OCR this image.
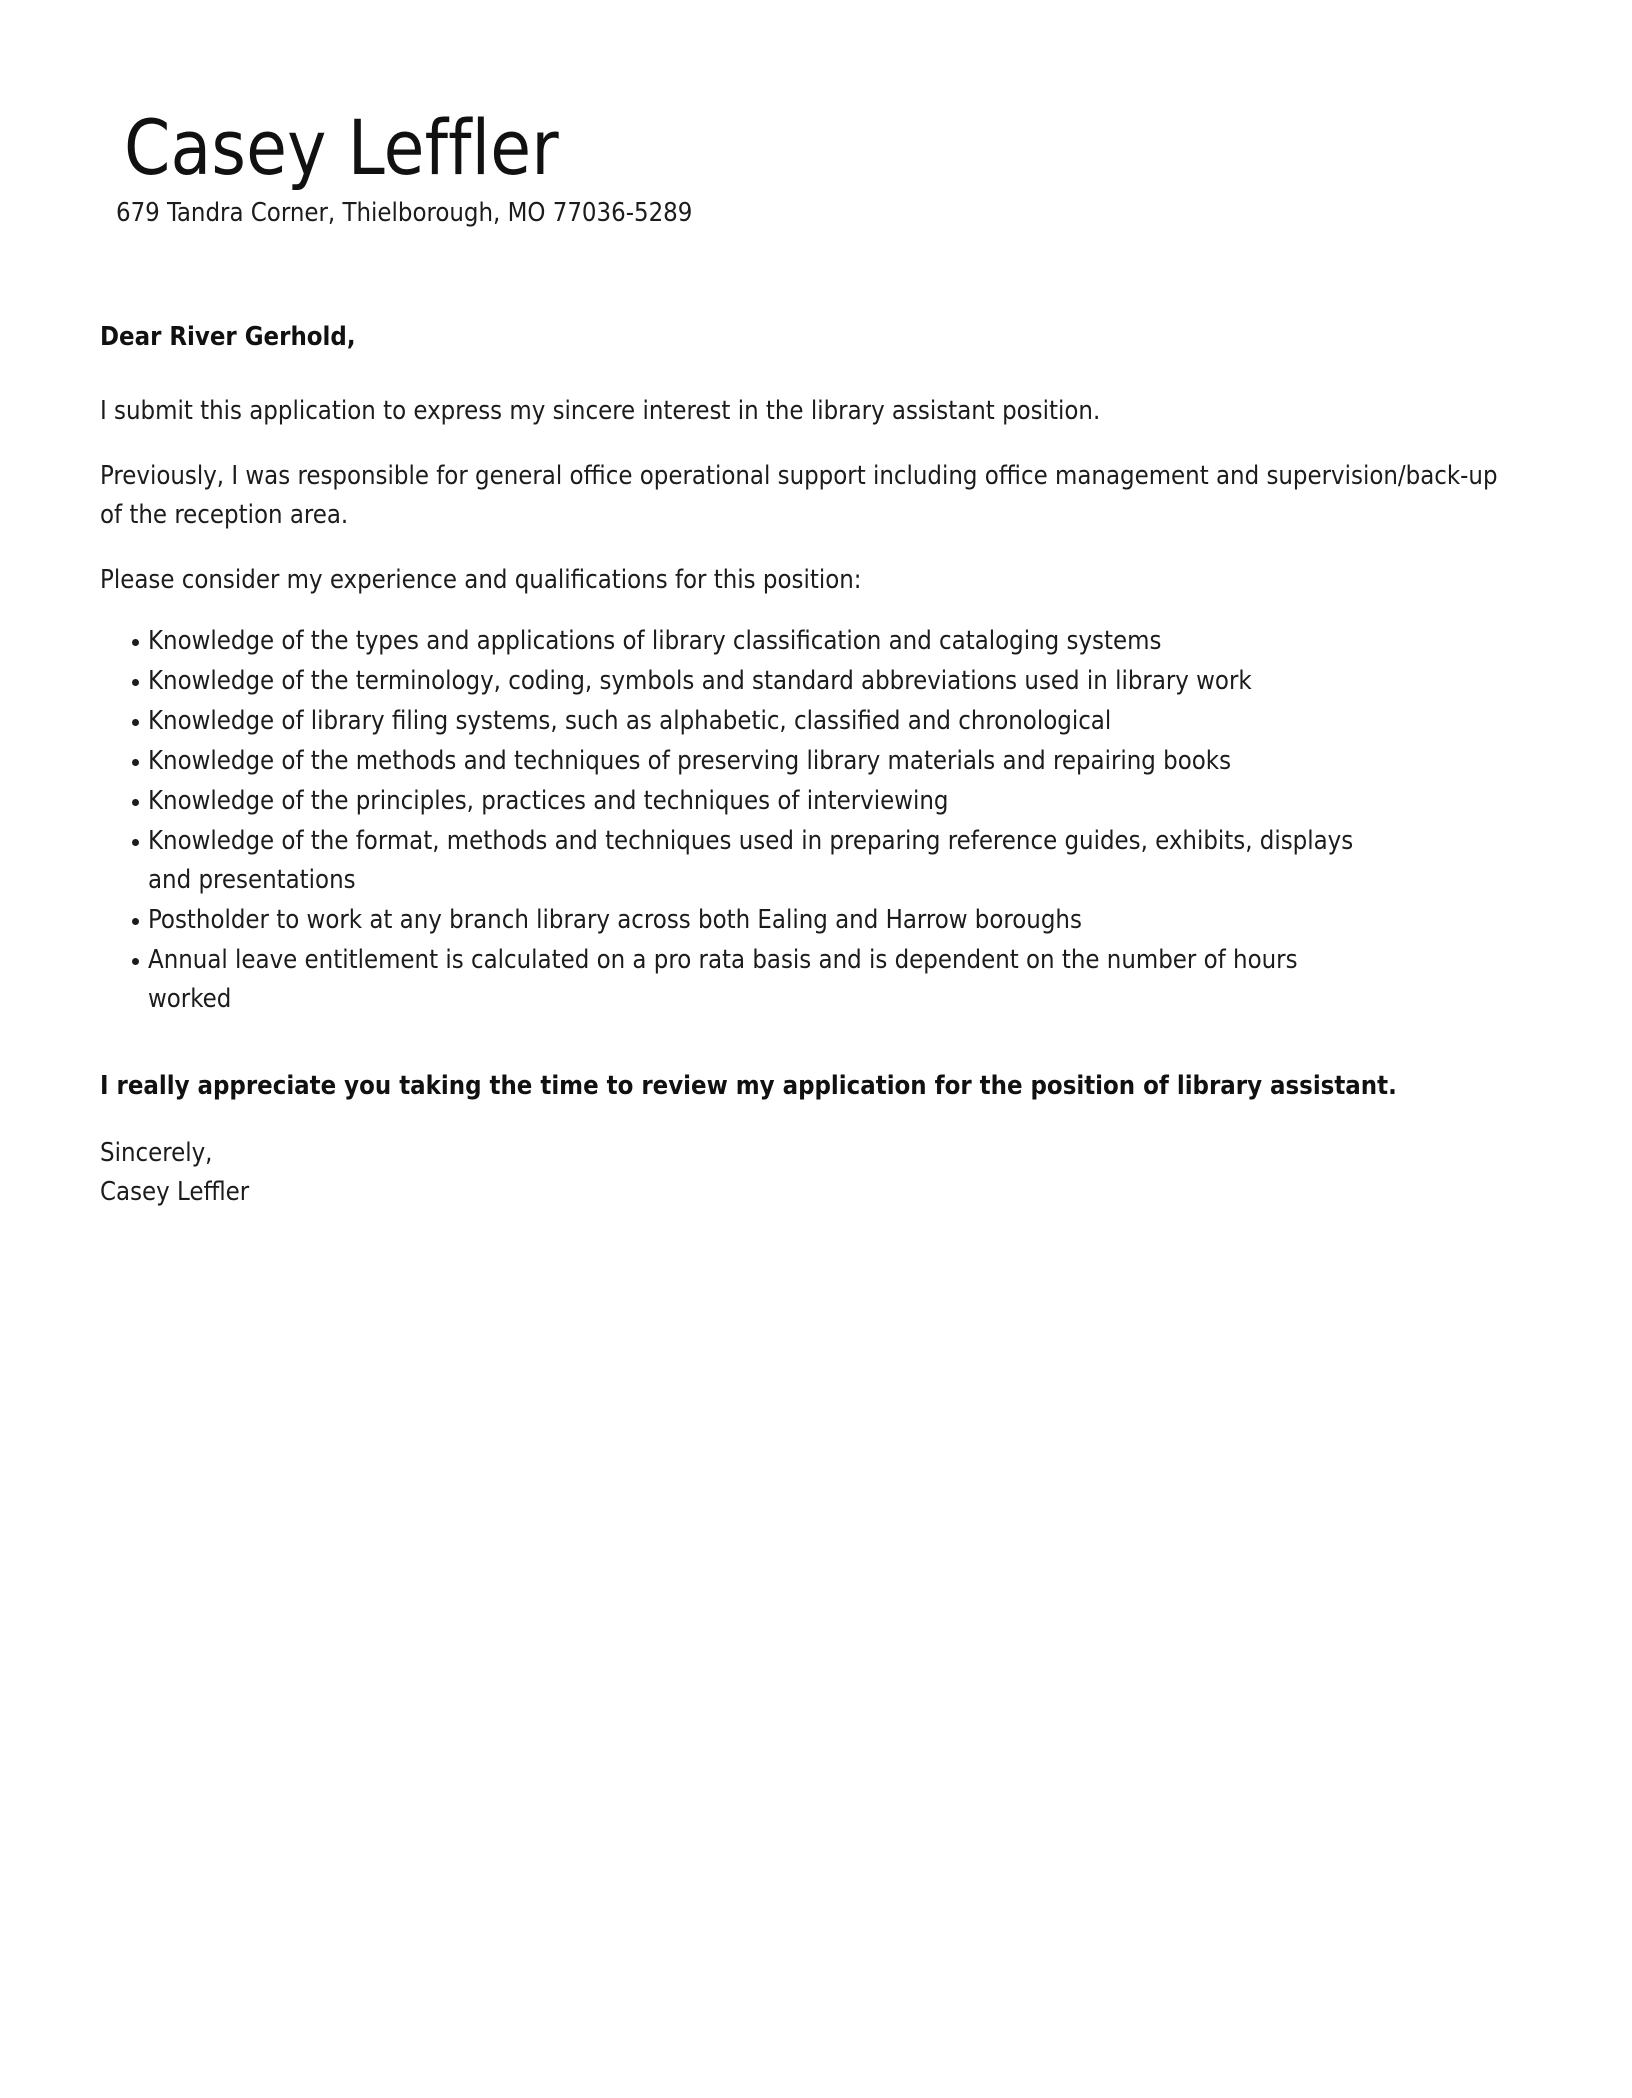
Casey Leffler
679 Tandra Corner, Thielborough, MO 77036-5289

Dear River Gerhold,

I submit this application to express my sincere interest in the library assistant position.

Previously, I was responsible for general office operational support including office management and supervision/back-up of the reception area.

Please consider my experience and qualifications for this position:

Knowledge of the types and applications of library classification and cataloging systems
Knowledge of the terminology, coding, symbols and standard abbreviations used in library work
Knowledge of library filing systems, such as alphabetic, classified and chronological
Knowledge of the methods and techniques of preserving library materials and repairing books
Knowledge of the principles, practices and techniques of interviewing
Knowledge of the format, methods and techniques used in preparing reference guides, exhibits, displays and presentations
Postholder to work at any branch library across both Ealing and Harrow boroughs
Annual leave entitlement is calculated on a pro rata basis and is dependent on the number of hours worked

I really appreciate you taking the time to review my application for the position of library assistant.

Sincerely,

Casey Leffler
